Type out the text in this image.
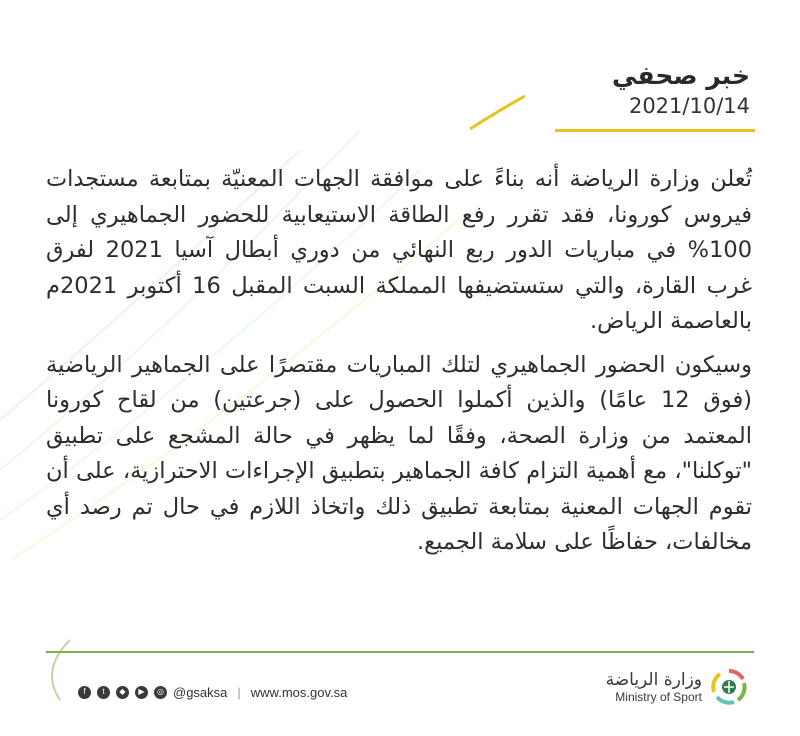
خبر صحفي
2021/10/14

تُعلن وزارة الرياضة أنه بناءً على موافقة الجهات المعنيّة بمتابعة مستجدات فيروس كورونا، فقد تقرر رفع الطاقة الاستيعابية للحضور الجماهيري إلى 100% في مباريات الدور ربع النهائي من دوري أبطال آسيا 2021 لفرق غرب القارة، والتي ستستضيفها المملكة السبت المقبل 16 أكتوبر 2021م بالعاصمة الرياض.

وسيكون الحضور الجماهيري لتلك المباريات مقتصرًا على الجماهير الرياضية (فوق 12 عامًا) والذين أكملوا الحصول على (جرعتين) من لقاح كورونا المعتمد من وزارة الصحة، وفقًا لما يظهر في حالة المشجع على تطبيق "توكلنا"، مع أهمية التزام كافة الجماهير بتطبيق الإجراءات الاحترازية، على أن تقوم الجهات المعنية بمتابعة تطبيق ذلك واتخاذ اللازم في حال تم رصد أي مخالفات، حفاظًا على سلامة الجميع.

f	t	◆	▶	◎ @gsaksa | www.mos.gov.sa
وزارة الرياضة
Ministry of Sport
